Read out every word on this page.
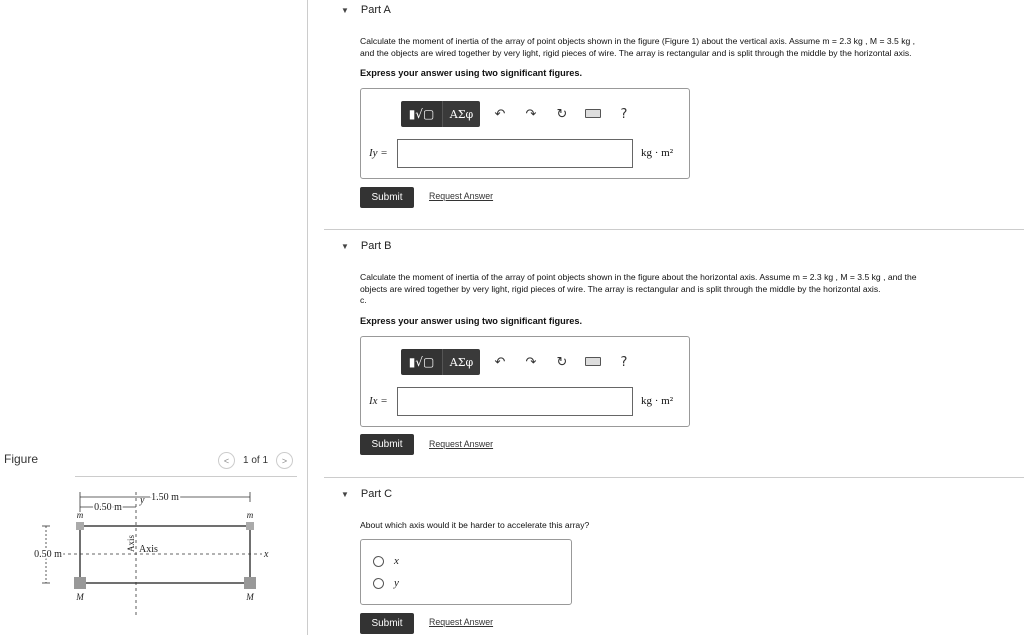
Figure	<	1 of 1	>
1.50 m
0.50 m
y
Axis Axis	x
0.50 m
m	m
M	M
▼ Part A
Calculate the moment of inertia of the array of point objects shown in the figure (Figure 1) about the vertical axis. Assume m = 2.3 kg , M = 3.5 kg ,
and the objects are wired together by very light, rigid pieces of wire. The array is rectangular and is split through the middle by the horizontal axis.
Express your answer using two significant figures.
▮√▢ ΑΣφ	↶	↷	↻	?
Iy =	kg · m²
Submit	Request Answer
▼ Part B
Calculate the moment of inertia of the array of point objects shown in the figure about the horizontal axis. Assume m = 2.3 kg , M = 3.5 kg , and the
objects are wired together by very light, rigid pieces of wire. The array is rectangular and is split through the middle by the horizontal axis.
c.
Express your answer using two significant figures.
▮√▢ ΑΣφ	↶	↷	↻	?
Ix =	kg · m²
Submit	Request Answer
▼ Part C
About which axis would it be harder to accelerate this array?
x
y
Submit	Request Answer
